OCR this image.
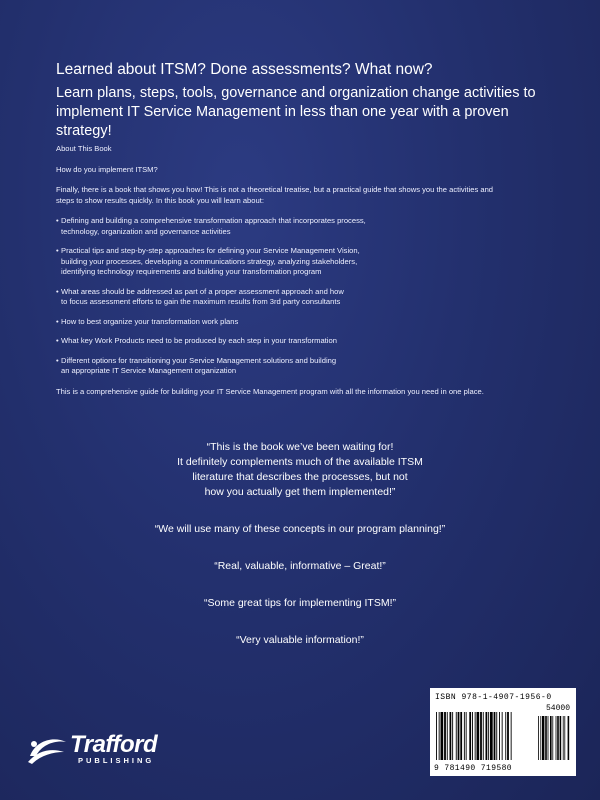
Learned about ITSM? Done assessments? What now?
Learn plans, steps, tools, governance and organization change activities to
implement IT Service Management in less than one year with a proven strategy!

About This Book

How do you implement ITSM?

Finally, there is a book that shows you how! This is not a theoretical treatise, but a practical guide that shows you the activities and
steps to show results quickly. In this book you will learn about:

• Defining and building a comprehensive transformation approach that incorporates process,
technology, organization and governance activities
• Practical tips and step-by-step approaches for defining your Service Management Vision,
building your processes, developing a communications strategy, analyzing stakeholders,
identifying technology requirements and building your transformation program
• What areas should be addressed as part of a proper assessment approach and how
to focus assessment efforts to gain the maximum results from 3rd party consultants
• How to best organize your transformation work plans
• What key Work Products need to be produced by each step in your transformation
• Different options for transitioning your Service Management solutions and building
an appropriate IT Service Management organization

This is a comprehensive guide for building your IT Service Management program with all the information you need in one place.

“This is the book we’ve been waiting for!
It definitely complements much of the available ITSM
literature that describes the processes, but not
how you actually get them implemented!”
“We will use many of these concepts in our program planning!”
“Real, valuable, informative – Great!”
“Some great tips for implementing ITSM!”
“Very valuable information!”
Trafford
PUBLISHING
ISBN 978-1-4907-1956-0
54000
9 781490 719580
